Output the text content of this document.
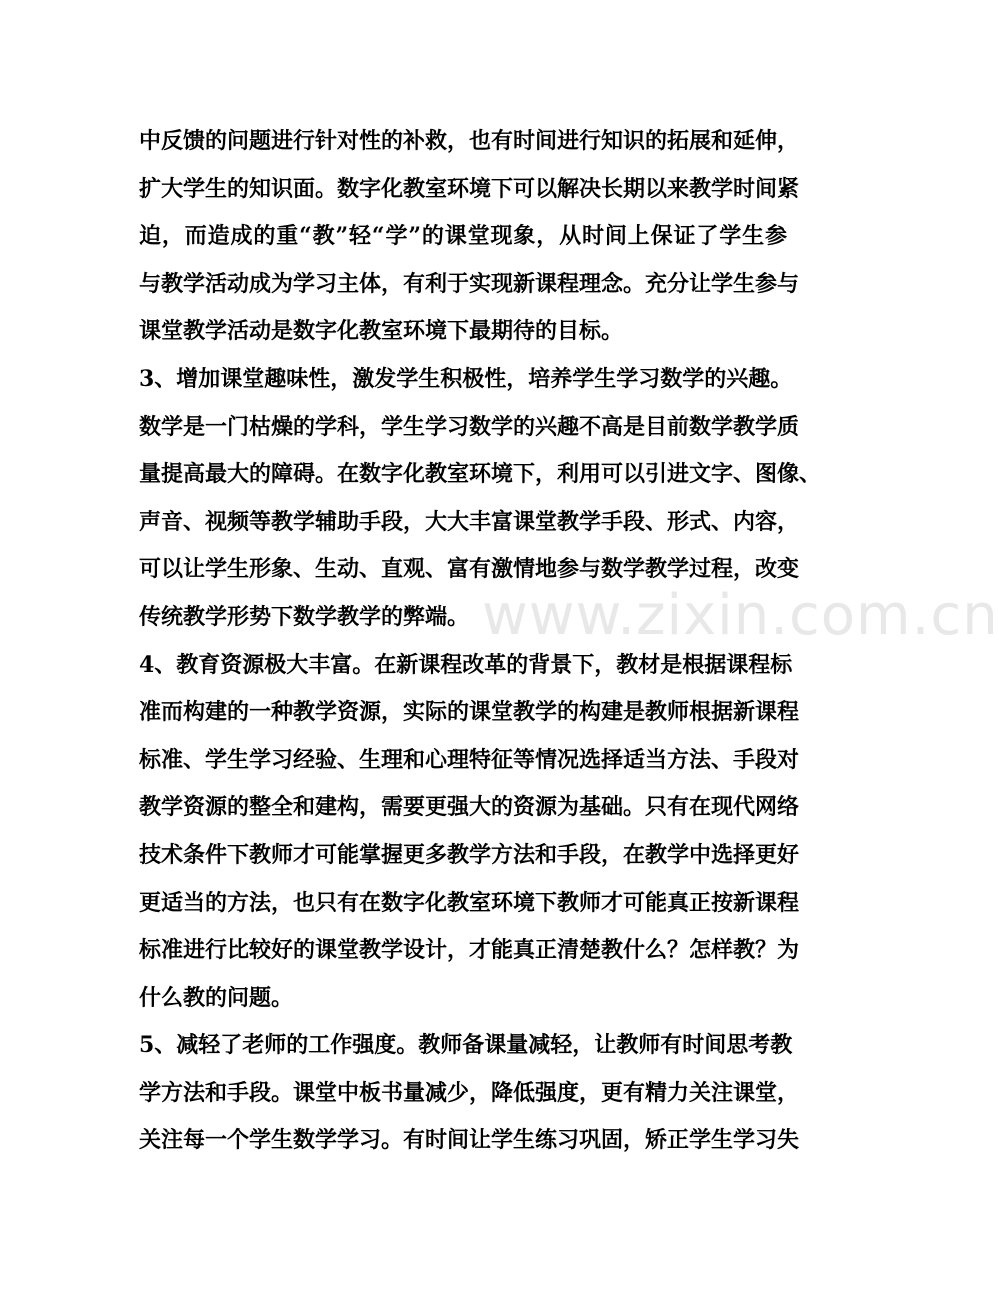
中反馈的问题进行针对性的补救，也有时间进行知识的拓展和延伸，
扩大学生的知识面。数字化教室环境下可以解决长期以来教学时间紧
迫，而造成的重“教”轻“学”的课堂现象，从时间上保证了学生参
与教学活动成为学习主体，有利于实现新课程理念。充分让学生参与
课堂教学活动是数字化教室环境下最期待的目标。
3、增加课堂趣味性，激发学生积极性，培养学生学习数学的兴趣。
数学是一门枯燥的学科，学生学习数学的兴趣不高是目前数学教学质
量提高最大的障碍。在数字化教室环境下，利用可以引进文字、图像、
声音、视频等教学辅助手段，大大丰富课堂教学手段、形式、内容，
可以让学生形象、生动、直观、富有激情地参与数学教学过程，改变
传统教学形势下数学教学的弊端。
4、教育资源极大丰富。在新课程改革的背景下，教材是根据课程标
准而构建的一种教学资源，实际的课堂教学的构建是教师根据新课程
标准、学生学习经验、生理和心理特征等情况选择适当方法、手段对
教学资源的整全和建构，需要更强大的资源为基础。只有在现代网络
技术条件下教师才可能掌握更多教学方法和手段，在教学中选择更好
更适当的方法，也只有在数字化教室环境下教师才可能真正按新课程
标准进行比较好的课堂教学设计，才能真正清楚教什么？怎样教？为
什么教的问题。
5、减轻了老师的工作强度。教师备课量减轻，让教师有时间思考教
学方法和手段。课堂中板书量减少，降低强度，更有精力关注课堂，
关注每一个学生数学学习。有时间让学生练习巩固，矫正学生学习失
www.zixin.com.cn
